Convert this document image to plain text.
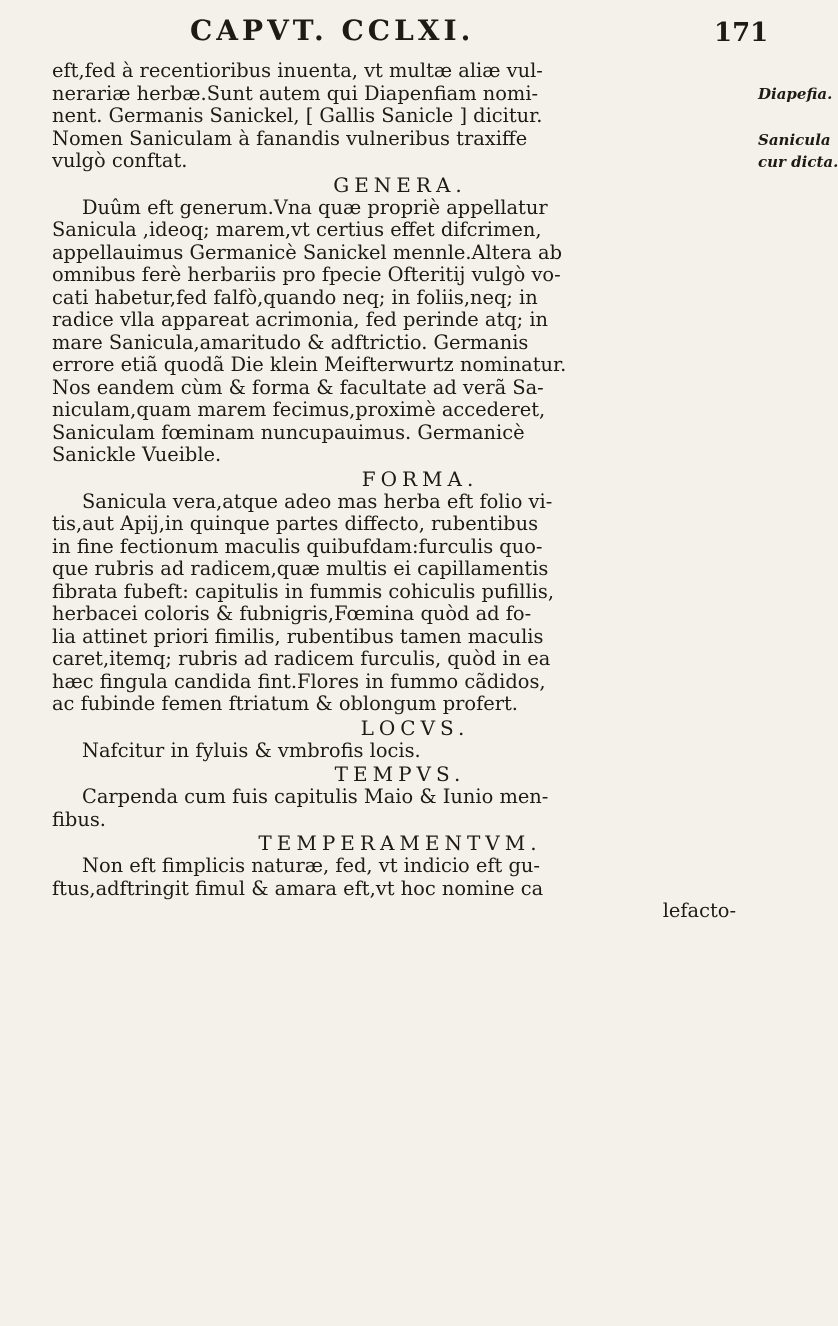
CAPVT. CCLXI.	171
eft,fed à recentioribus inuenta, vt multæ aliæ vul-
nerariæ herbæ.Sunt autem qui Diapenfiam nomi-
nent. Germanis Sanickel, [ Gallis Sanicle ] dicitur.
Nomen Saniculam à fanandis vulneribus traxiffe
vulgò conftat.
GENERA.
Duûm eft generum.Vna quæ propriè appellatur
Sanicula ,ideoq; marem,vt certius effet difcrimen,
appellauimus Germanicè Sanickel mennle.Altera ab
omnibus ferè herbariis pro fpecie Ofteritij vulgò vo-
cati habetur,fed falfò,quando neq; in foliis,neq; in
radice vlla appareat acrimonia, fed perinde atq; in
mare Sanicula,amaritudo & adftrictio. Germanis
errore etiã quodã Die klein Meifterwurtz nominatur.
Nos eandem cùm & forma & facultate ad verã Sa-
niculam,quam marem fecimus,proximè accederet,
Saniculam fœminam nuncupauimus. Germanicè
Sanickle Vueible.
FORMA.
Sanicula vera,atque adeo mas herba eft folio vi-
tis,aut Apij,in quinque partes diffecto, rubentibus
in fine fectionum maculis quibufdam:furculis quo-
que rubris ad radicem,quæ multis ei capillamentis
fibrata fubeft: capitulis in fummis cohiculis pufillis,
herbacei coloris & fubnigris,Fœmina quòd ad fo-
lia attinet priori fimilis, rubentibus tamen maculis
caret,itemq; rubris ad radicem furculis, quòd in ea
hæc fingula candida fint.Flores in fummo cãdidos,
ac fubinde femen ftriatum & oblongum profert.
LOCVS.
Nafcitur in fyluis & vmbrofis locis.
TEMPVS.
Carpenda cum fuis capitulis Maio & Iunio men-
fibus.
TEMPERAMENTVM.
Non eft fimplicis naturæ, fed, vt indicio eft gu-
ftus,adftringit fimul & amara eft,vt hoc nomine ca
lefacto-
Diapefia.
Sanicula
cur dicta.
